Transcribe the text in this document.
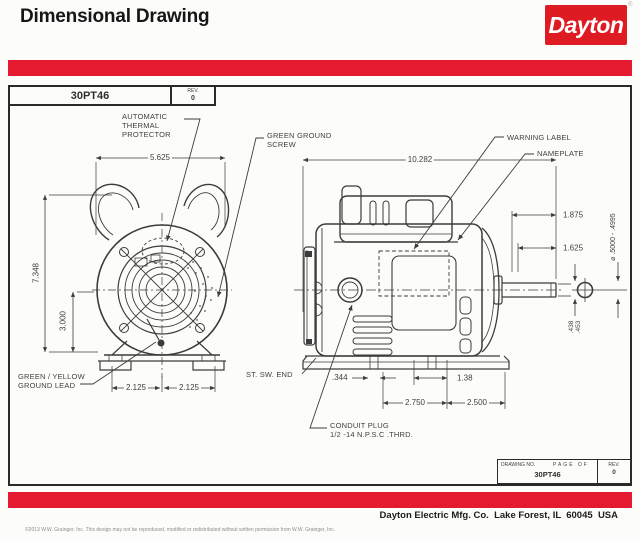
Dimensional Drawing	Dayton
®
30PT46	REV.
0
AUTOMATIC
THERMAL
PROTECTOR	GREEN GROUND
SCREW
GREEN / YELLOW
GROUND LEAD
5.625
7.348
3.000
2.125	2.125
WARNING LABEL
NAMEPLATE
ST. SW. END
CONDUIT PLUG
1/2 -14 N.P.S.C .THRD.
10.282
1.875
1.625	⌀ .5000 - .4995
.438 .453
.344	1.38
2.750	2.500
DRAWING NO.	PAGE OF
30PT46
REV.
0
Dayton Electric Mfg. Co.  Lake Forest, IL  60045  USA
©2013 W.W. Grainger, Inc. This design may not be reproduced, modified or redistributed without written permission from W.W. Grainger, Inc.
